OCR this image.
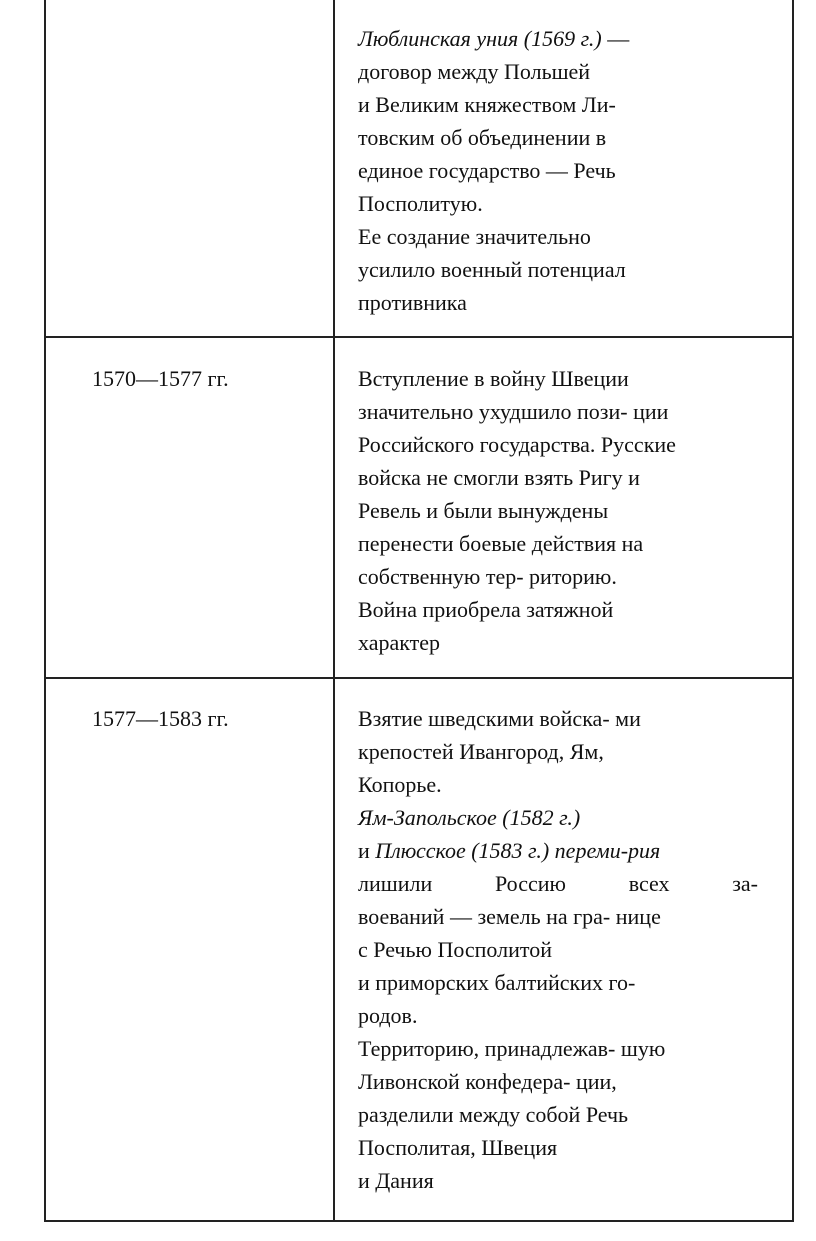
Люблинская уния (1569 г.) —
договор между Польшей
и Великим княжеством Ли-
товским об объединении в
единое государство — Речь
Посполитую.
Ее создание значительно
усилило военный потенциал
противника
1570—1577 гг.	Вступление в войну Швеции
значительно ухудшило пози- ции
Российского государства. Русские
войска не смогли взять Ригу и
Ревель и были вынуждены
перенести боевые действия на
собственную тер- риторию.
Война приобрела затяжной
характер
1577—1583 гг.	Взятие шведскими войска- ми
крепостей Ивангород, Ям,
Копорье.
Ям-Запольское (1582 г.)
и Плюсское (1583 г.) переми-рия
лишили Россию всех за-
воеваний — земель на гра- нице
с Речью Посполитой
и приморских балтийских го-
родов.
Территорию, принадлежав- шую
Ливонской конфедера- ции,
разделили между собой Речь
Посполитая, Швеция
и Дания
